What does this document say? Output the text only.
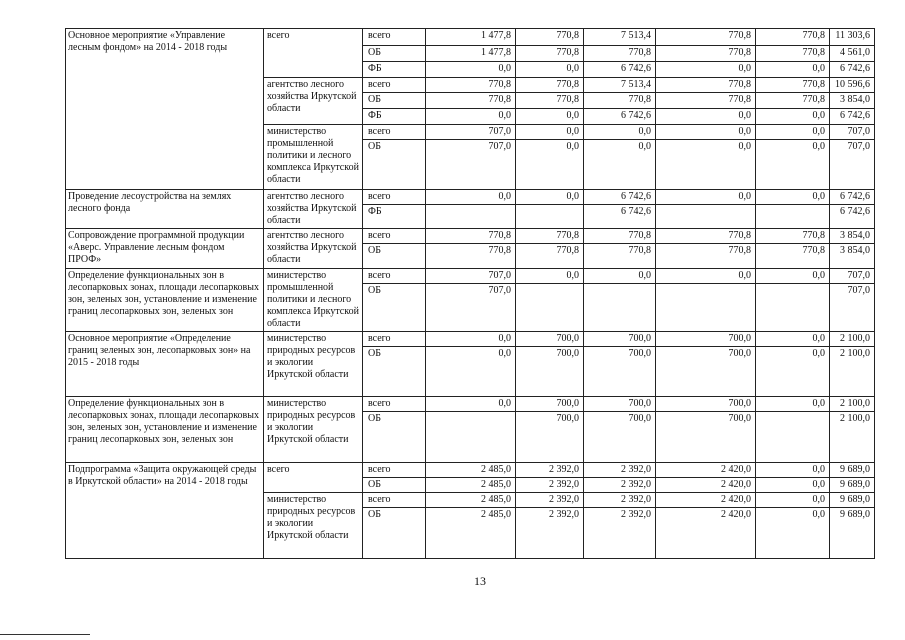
Основное мероприятие «Управление лесным фондом» на 2014 - 2018 годы	всего	всего	1 477,8	770,8	7 513,4	770,8	770,8	11 303,6
		ОБ	1 477,8	770,8	770,8	770,8	770,8	4 561,0
		ФБ	0,0	0,0	6 742,6	0,0	0,0	6 742,6
	агентство лесного хозяйства Иркутской области	всего	770,8	770,8	7 513,4	770,8	770,8	10 596,6
		ОБ	770,8	770,8	770,8	770,8	770,8	3 854,0
		ФБ	0,0	0,0	6 742,6	0,0	0,0	6 742,6
	министерство промышленной политики и лесного комплекса Иркутской области	всего	707,0	0,0	0,0	0,0	0,0	707,0
		ОБ	707,0	0,0	0,0	0,0	0,0	707,0
Проведение лесоустройства на землях лесного фонда	агентство лесного хозяйства Иркутской области	всего	0,0	0,0	6 742,6	0,0	0,0	6 742,6
		ФБ			6 742,6			6 742,6
Сопровождение программной продукции «Аверс. Управление лесным фондом ПРОФ»	агентство лесного хозяйства Иркутской области	всего	770,8	770,8	770,8	770,8	770,8	3 854,0
		ОБ	770,8	770,8	770,8	770,8	770,8	3 854,0
Определение функциональных зон в лесопарковых зонах, площади лесопарковых зон, зеленых зон, установление и изменение границ лесопарковых зон, зеленых зон	министерство промышленной политики и лесного комплекса Иркутской области	всего	707,0	0,0	0,0	0,0	0,0	707,0
		ОБ	707,0					707,0
Основное мероприятие «Определение границ зеленых зон, лесопарковых зон» на 2015 - 2018 годы	министерство природных ресурсов и экологии Иркутской области	всего	0,0	700,0	700,0	700,0	0,0	2 100,0
		ОБ	0,0	700,0	700,0	700,0	0,0	2 100,0
Определение функциональных зон в лесопарковых зонах, площади лесопарковых зон, зеленых зон, установление и изменение границ лесопарковых зон, зеленых зон	министерство природных ресурсов и экологии Иркутской области	всего	0,0	700,0	700,0	700,0	0,0	2 100,0
		ОБ		700,0	700,0	700,0		2 100,0
Подпрограмма «Защита окружающей среды в Иркутской области» на 2014 - 2018 годы	всего	всего	2 485,0	2 392,0	2 392,0	2 420,0	0,0	9 689,0
		ОБ	2 485,0	2 392,0	2 392,0	2 420,0	0,0	9 689,0
	министерство природных ресурсов и экологии Иркутской области	всего	2 485,0	2 392,0	2 392,0	2 420,0	0,0	9 689,0
		ОБ	2 485,0	2 392,0	2 392,0	2 420,0	0,0	9 689,0
13
